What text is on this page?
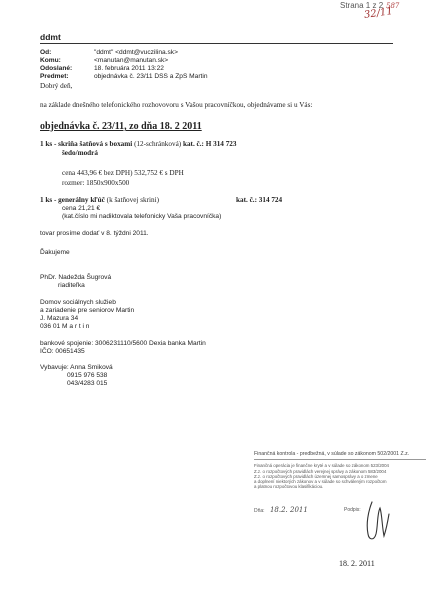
Strana 1 z 2
32/11
587
ddmt
Od:	"ddmt" <ddmt@vuczilina.sk>
Komu:	<manutan@manutan.sk>
Odoslané:	18. februára 2011 13:22
Predmet:	objednávka č. 23/11 DSS a ZpS Martin
Dobrý deň,
na základe dnešného telefonického rozhovovoru s Vašou pracovníčkou, objednávame si u Vás:
objednávka č. 23/11, zo dňa 18. 2 2011
1 ks - skriňa šatňová s boxami (12-schránková) kat. č.: H 314 723
šedo/modrá
cena 443,96 € bez DPH) 532,752 € s DPH
rozmer: 1850x900x500
1 ks - generálny kľúč (k šatňovej skrini)	kat. č.: 314 724
cena 21,21 €
(kat.číslo mi nadiktovala telefonicky Vaša pracovníčka)
tovar prosíme dodať v 8. týždni 2011.
Ďakujeme
PhDr. Nadežda Šugrová
riaditeľka
Domov sociálnych služieb
a zariadenie pre seniorov Martin
J. Mazura 34
036 01 M a r t i n
bankové spojenie: 3006231110/5600 Dexia banka Martin
IČO: 00651435
Vybavuje: Anna Smiková
0915 976 538
043/4283 015
Finančná kontrola - predbežná, v súlade so zákonom 502/2001 Z.z.
Finančná operácia je finančne kryté a v súlade so zákonom 523/2004
Z.z. o rozpočtových pravidlách verejnej správy a zákonom 583/2004
Z.z. o rozpočtových pravidlách územnej samosprávy a o zmene
a doplnení niektorých zákonov a v súlade so schváleným rozpočtom
a platnou rozpočtovou klasifikáciou.
Dňa: 18.2. 2011	Podpis:
18. 2. 2011
